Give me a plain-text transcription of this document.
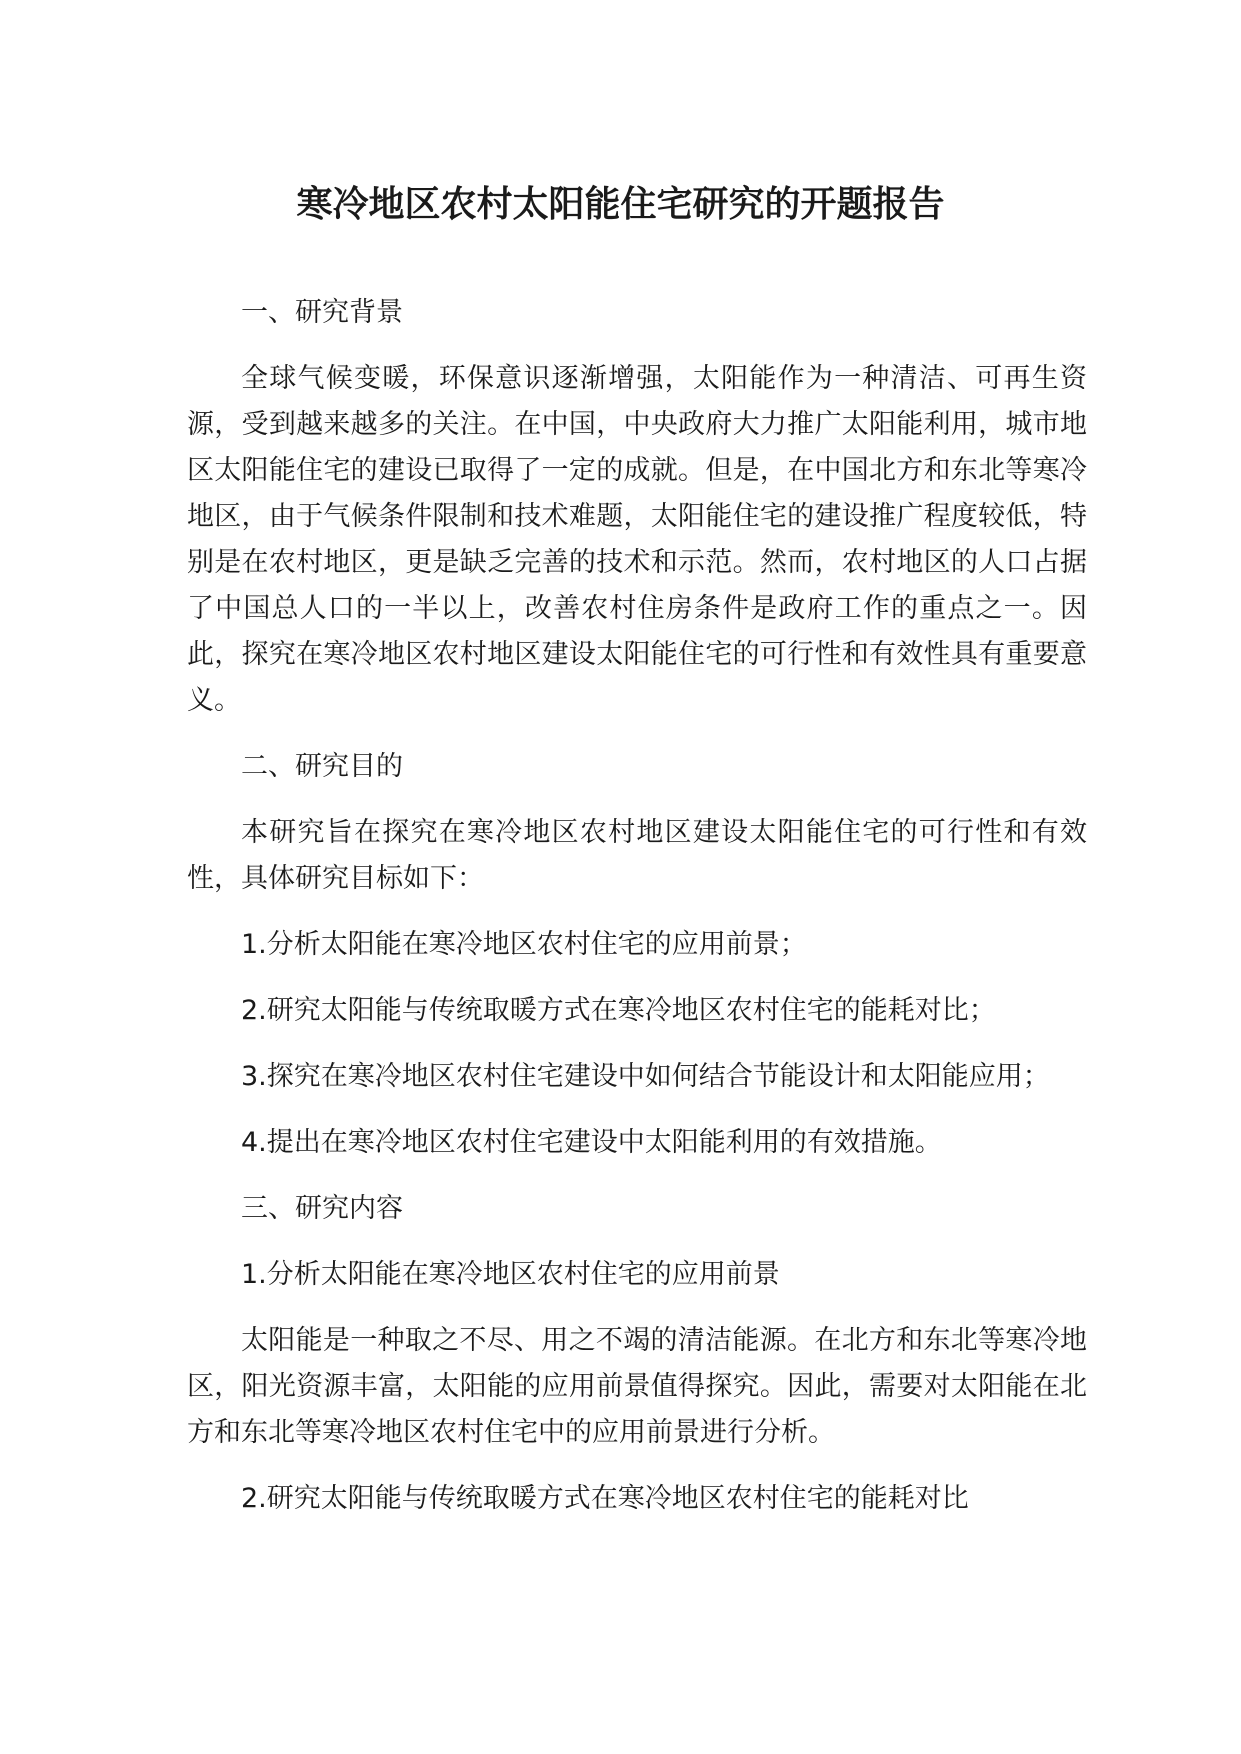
寒冷地区农村太阳能住宅研究的开题报告

一、研究背景

全球气候变暖，环保意识逐渐增强，太阳能作为一种清洁、可再生资源，受到越来越多的关注。在中国，中央政府大力推广太阳能利用，城市地区太阳能住宅的建设已取得了一定的成就。但是，在中国北方和东北等寒冷地区，由于气候条件限制和技术难题，太阳能住宅的建设推广程度较低，特别是在农村地区，更是缺乏完善的技术和示范。然而，农村地区的人口占据了中国总人口的一半以上，改善农村住房条件是政府工作的重点之一。因此，探究在寒冷地区农村地区建设太阳能住宅的可行性和有效性具有重要意义。

二、研究目的

本研究旨在探究在寒冷地区农村地区建设太阳能住宅的可行性和有效性，具体研究目标如下：

1.分析太阳能在寒冷地区农村住宅的应用前景；

2.研究太阳能与传统取暖方式在寒冷地区农村住宅的能耗对比；

3.探究在寒冷地区农村住宅建设中如何结合节能设计和太阳能应用；

4.提出在寒冷地区农村住宅建设中太阳能利用的有效措施。

三、研究内容

1.分析太阳能在寒冷地区农村住宅的应用前景

太阳能是一种取之不尽、用之不竭的清洁能源。在北方和东北等寒冷地区，阳光资源丰富，太阳能的应用前景值得探究。因此，需要对太阳能在北方和东北等寒冷地区农村住宅中的应用前景进行分析。

2.研究太阳能与传统取暖方式在寒冷地区农村住宅的能耗对比
